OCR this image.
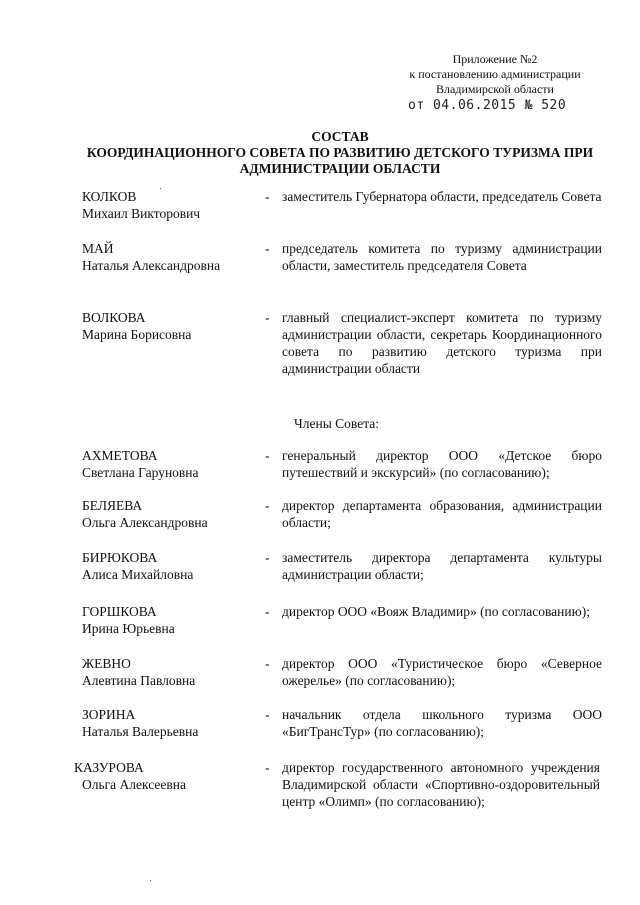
Приложение №2
к постановлению администрации
Владимирской области
от 04.06.2015 № 520
СОСТАВ
КООРДИНАЦИОННОГО СОВЕТА ПО РАЗВИТИЮ ДЕТСКОГО ТУРИЗМА ПРИ
АДМИНИСТРАЦИИ ОБЛАСТИ
КОЛКОВ
Михаил Викторович
- заместитель Губернатора области, председатель Совета
МАЙ
Наталья Александровна
- председатель комитета по туризму администрации области, заместитель председателя Совета
ВОЛКОВА
Марина Борисовна
- главный специалист-эксперт комитета по туризму администрации области, секретарь Координационного совета по развитию детского туризма при администрации области
Члены Совета:
АХМЕТОВА
Светлана Гаруновна
- генеральный директор ООО «Детское бюро путешествий и экскурсий» (по согласованию);
БЕЛЯЕВА
Ольга Александровна
- директор департамента образования, администрации области;
БИРЮКОВА
Алиса Михайловна
- заместитель директора департамента культуры администрации области;
ГОРШКОВА
Ирина Юрьевна
- директор ООО «Вояж Владимир» (по согласованию);
ЖЕВНО
Алевтина Павловна
- директор ООО «Туристическое бюро «Северное ожерелье» (по согласованию);
ЗОРИНА
Наталья Валерьевна
- начальник отдела школьного туризма ООО «БигТрансТур» (по согласованию);
КАЗУРОВА
Ольга Алексеевна
- директор государственного автономного учреждения Владимирской области «Спортивно-оздоровительный центр «Олимп» (по согласованию);
